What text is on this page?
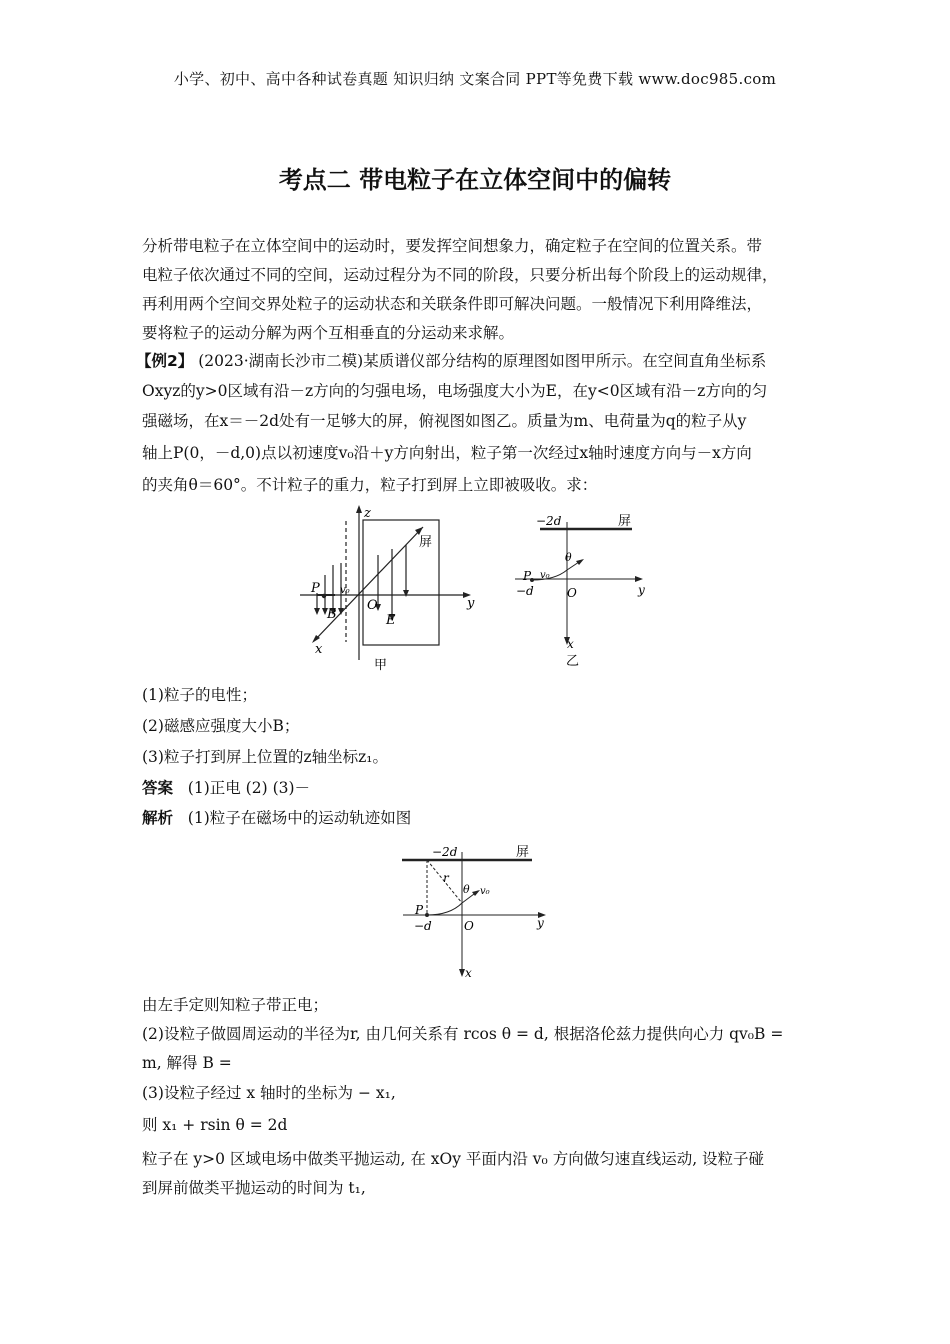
小学、初中、高中各种试卷真题 知识归纳 文案合同 PPT等免费下载 www.doc985.com
考点二 带电粒子在立体空间中的偏转
分析带电粒子在立体空间中的运动时，要发挥空间想象力，确定粒子在空间的位置关系。带
电粒子依次通过不同的空间，运动过程分为不同的阶段，只要分析出每个阶段上的运动规律，
再利用两个空间交界处粒子的运动状态和关联条件即可解决问题。一般情况下利用降维法，
要将粒子的运动分解为两个互相垂直的分运动来求解。
【例2】 (2023·湖南长沙市二模)某质谱仪部分结构的原理图如图甲所示。在空间直角坐标系
Oxyz的y>0区域有沿－z方向的匀强电场，电场强度大小为E，在y<0区域有沿－z方向的匀
强磁场，在x＝－2d处有一足够大的屏，俯视图如图乙。质量为m、电荷量为q的粒子从y
轴上P(0，－d,0)点以初速度v₀沿＋y方向射出，粒子第一次经过x轴时速度方向与－x方向
的夹角θ＝60°。不计粒子的重力，粒子打到屏上立即被吸收。求：
z
屏
P v₀
B
O
E
y
x
甲
−2d	屏
θ
P v₀
−d	O	y
x
乙
(1)粒子的电性；
(2)磁感应强度大小B；
(3)粒子打到屏上位置的z轴坐标z₁。
答案 (1)正电 (2) (3)－
解析 (1)粒子在磁场中的运动轨迹如图
−2d	屏
r
θ v₀
P
−d	O	y
x
由左手定则知粒子带正电；
(2)设粒子做圆周运动的半径为r, 由几何关系有 rcos θ = d, 根据洛伦兹力提供向心力 qv₀B =
m, 解得 B =
(3)设粒子经过 x 轴时的坐标为 − x₁,
则 x₁ + rsin θ = 2d
粒子在 y>0 区域电场中做类平抛运动, 在 xOy 平面内沿 v₀ 方向做匀速直线运动, 设粒子碰
到屏前做类平抛运动的时间为 t₁,
